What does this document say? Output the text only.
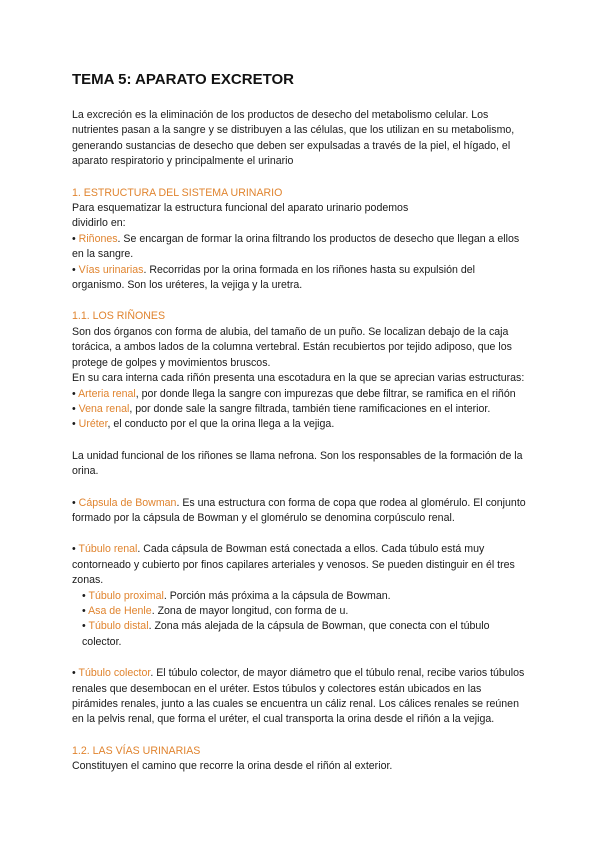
TEMA 5: APARATO EXCRETOR

La excreción es la eliminación de los productos de desecho del metabolismo celular. Los nutrientes pasan a la sangre y se distribuyen a las células, que los utilizan en su metabolismo, generando sustancias de desecho que deben ser expulsadas a través de la piel, el hígado, el aparato respiratorio y principalmente el urinario

1. ESTRUCTURA DEL SISTEMA URINARIO

Para esquematizar la estructura funcional del aparato urinario podemos

dividirlo en:

• Riñones. Se encargan de formar la orina filtrando los productos de desecho que llegan a ellos en la sangre.

• Vías urinarias. Recorridas por la orina formada en los riñones hasta su expulsión del organismo. Son los uréteres, la vejiga y la uretra.

1.1. LOS RIÑONES

Son dos órganos con forma de alubia, del tamaño de un puño. Se localizan debajo de la caja torácica, a ambos lados de la columna vertebral. Están recubiertos por tejido adiposo, que los protege de golpes y movimientos bruscos.

En su cara interna cada riñón presenta una escotadura en la que se aprecian varias estructuras:

• Arteria renal, por donde llega la sangre con impurezas que debe filtrar, se ramifica en el riñón

• Vena renal, por donde sale la sangre filtrada, también tiene ramificaciones en el interior.

• Uréter, el conducto por el que la orina llega a la vejiga.

La unidad funcional de los riñones se llama nefrona. Son los responsables de la formación de la orina.

• Cápsula de Bowman. Es una estructura con forma de copa que rodea al glomérulo. El conjunto formado por la cápsula de Bowman y el glomérulo se denomina corpúsculo renal.

• Túbulo renal. Cada cápsula de Bowman está conectada a ellos. Cada túbulo está muy contorneado y cubierto por finos capilares arteriales y venosos. Se pueden distinguir en él tres zonas.

• Túbulo proximal. Porción más próxima a la cápsula de Bowman.

• Asa de Henle. Zona de mayor longitud, con forma de u.

• Túbulo distal. Zona más alejada de la cápsula de Bowman, que conecta con el túbulo colector.

• Túbulo colector. El túbulo colector, de mayor diámetro que el túbulo renal, recibe varios túbulos renales que desembocan en el uréter. Estos túbulos y colectores están ubicados en las pirámides renales, junto a las cuales se encuentra un cáliz renal. Los cálices renales se reúnen en la pelvis renal, que forma el uréter, el cual transporta la orina desde el riñón a la vejiga.

1.2. LAS VÍAS URINARIAS

Constituyen el camino que recorre la orina desde el riñón al exterior.
